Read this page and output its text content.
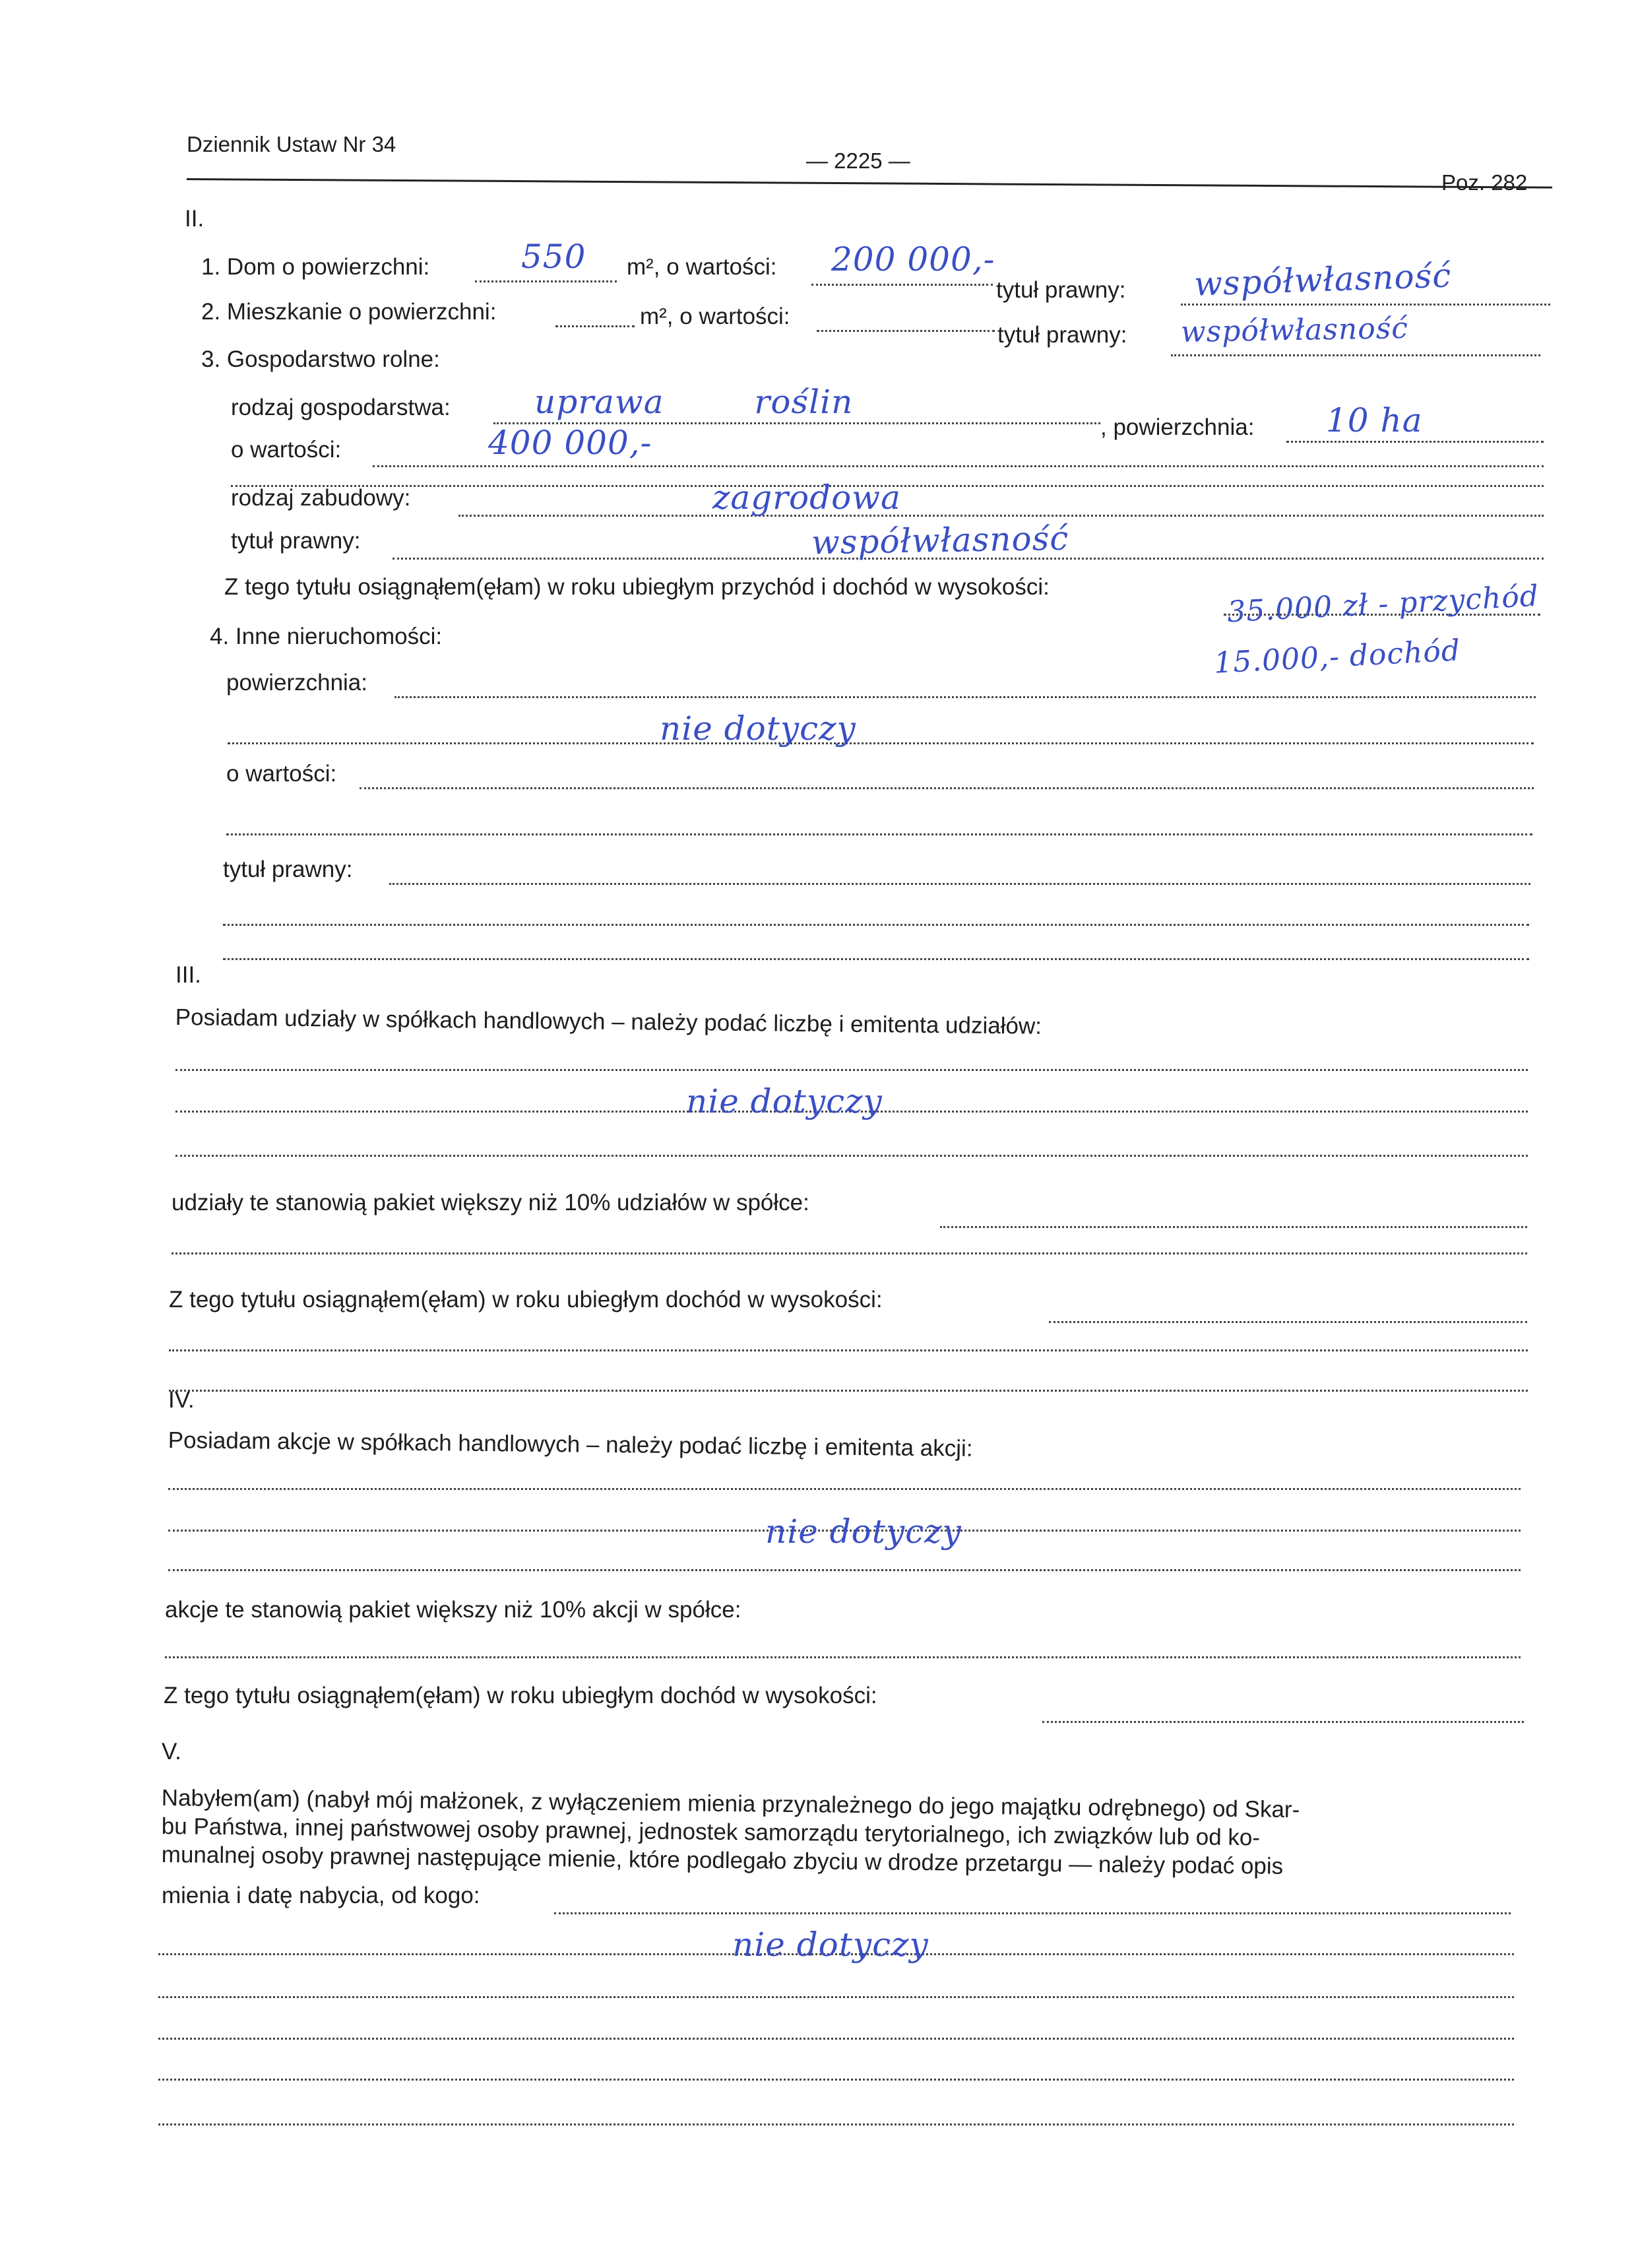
Dziennik Ustaw Nr 34
— 2225 —
Poz. 282
II.
1. Dom o powierzchni:	550 m², o wartości: 200 000,-
tytuł prawny: współwłasność
2. Mieszkanie o powierzchni:	m², o wartości:
tytuł prawny: współwłasność
3. Gospodarstwo rolne:
rodzaj gospodarstwa:	uprawa roślin
, powierzchnia: 10 ha
o wartości:	400 000,-
rodzaj zabudowy:	zagrodowa
tytuł prawny:	współwłasność
Z tego tytułu osiągnąłem(ęłam) w roku ubiegłym przychód i dochód w wysokości:	35.000 zł - przychód
15.000,- dochód
4. Inne nieruchomości:
powierzchnia:
nie dotyczy
o wartości:
tytuł prawny:
III.
Posiadam udziały w spółkach handlowych – należy podać liczbę i emitenta udziałów:
nie dotyczy
udziały te stanowią pakiet większy niż 10% udziałów w spółce:
Z tego tytułu osiągnąłem(ęłam) w roku ubiegłym dochód w wysokości:
IV.
Posiadam akcje w spółkach handlowych – należy podać liczbę i emitenta akcji:
nie dotyczy
akcje te stanowią pakiet większy niż 10% akcji w spółce:
Z tego tytułu osiągnąłem(ęłam) w roku ubiegłym dochód w wysokości:
V.
Nabyłem(am) (nabył mój małżonek, z wyłączeniem mienia przynależnego do jego majątku odrębnego) od Skar-
bu Państwa, innej państwowej osoby prawnej, jednostek samorządu terytorialnego, ich związków lub od ko-
munalnej osoby prawnej następujące mienie, które podlegało zbyciu w drodze przetargu — należy podać opis
mienia i datę nabycia, od kogo:
nie dotyczy
